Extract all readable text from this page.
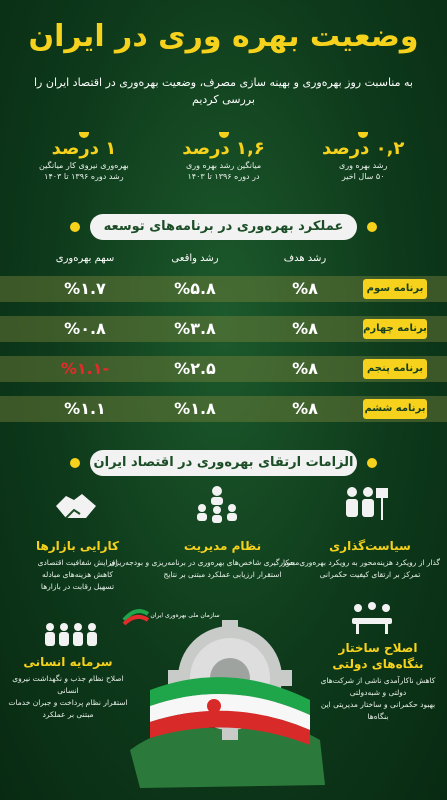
وضعیت بهره وری در ایران
به مناسبت روز بهره‌وری و بهینه سازی مصرف، وضعیت بهره‌وری در اقتصاد ایران را بررسی کردیم
۰,۲ درصد
رشد بهره وری
۵۰ سال اخیر
۱,۶ درصد
میانگین رشد بهره وری
در دوره ۱۳۹۶ تا ۱۴۰۳
۱ درصد
بهره‌وری نیروی کار میانگین
رشد دوره ۱۳۹۶ تا ۱۴۰۳
عملکرد بهره‌وری در برنامه‌های توسعه
رشد هدف
رشد واقعی
سهم بهره‌وری
برنامه سوم
%۸
%۵.۸
%۱.۷
برنامه چهارم
%۸
%۳.۸
%۰.۸
برنامه پنجم
%۸
%۲.۵
-%۱.۱
برنامه ششم
%۸
%۱.۸
%۱.۱
الزامات ارتقای بهره‌وری در اقتصاد ایران
سیاست‌گذاری
گذار از رویکرد هزینه‌محور به رویکرد بهره‌وری‌محور
تمرکز بر ارتقای کیفیت حکمرانی
نظام مدیریت
به‌کارگیری شاخص‌های بهره‌وری در برنامه‌ریزی و بودجه‌ریزی
استقرار ارزیابی عملکرد مبتنی بر نتایج
کارایی بازارها
افزایش شفافیت اقتصادی
کاهش هزینه‌های مبادله
تسهیل رقابت در بازارها
سازمان ملی بهره‌وری ایران
اصلاح ساختار بنگاه‌های دولتی
کاهش ناکارآمدی ناشی از شرکت‌های دولتی و شبه‌دولتی
بهبود حکمرانی و ساختار مدیریتی این بنگاه‌ها
سرمایه انسانی
اصلاح نظام جذب و نگهداشت نیروی انسانی
استقرار نظام پرداخت و جبران خدمات مبتنی بر عملکرد
